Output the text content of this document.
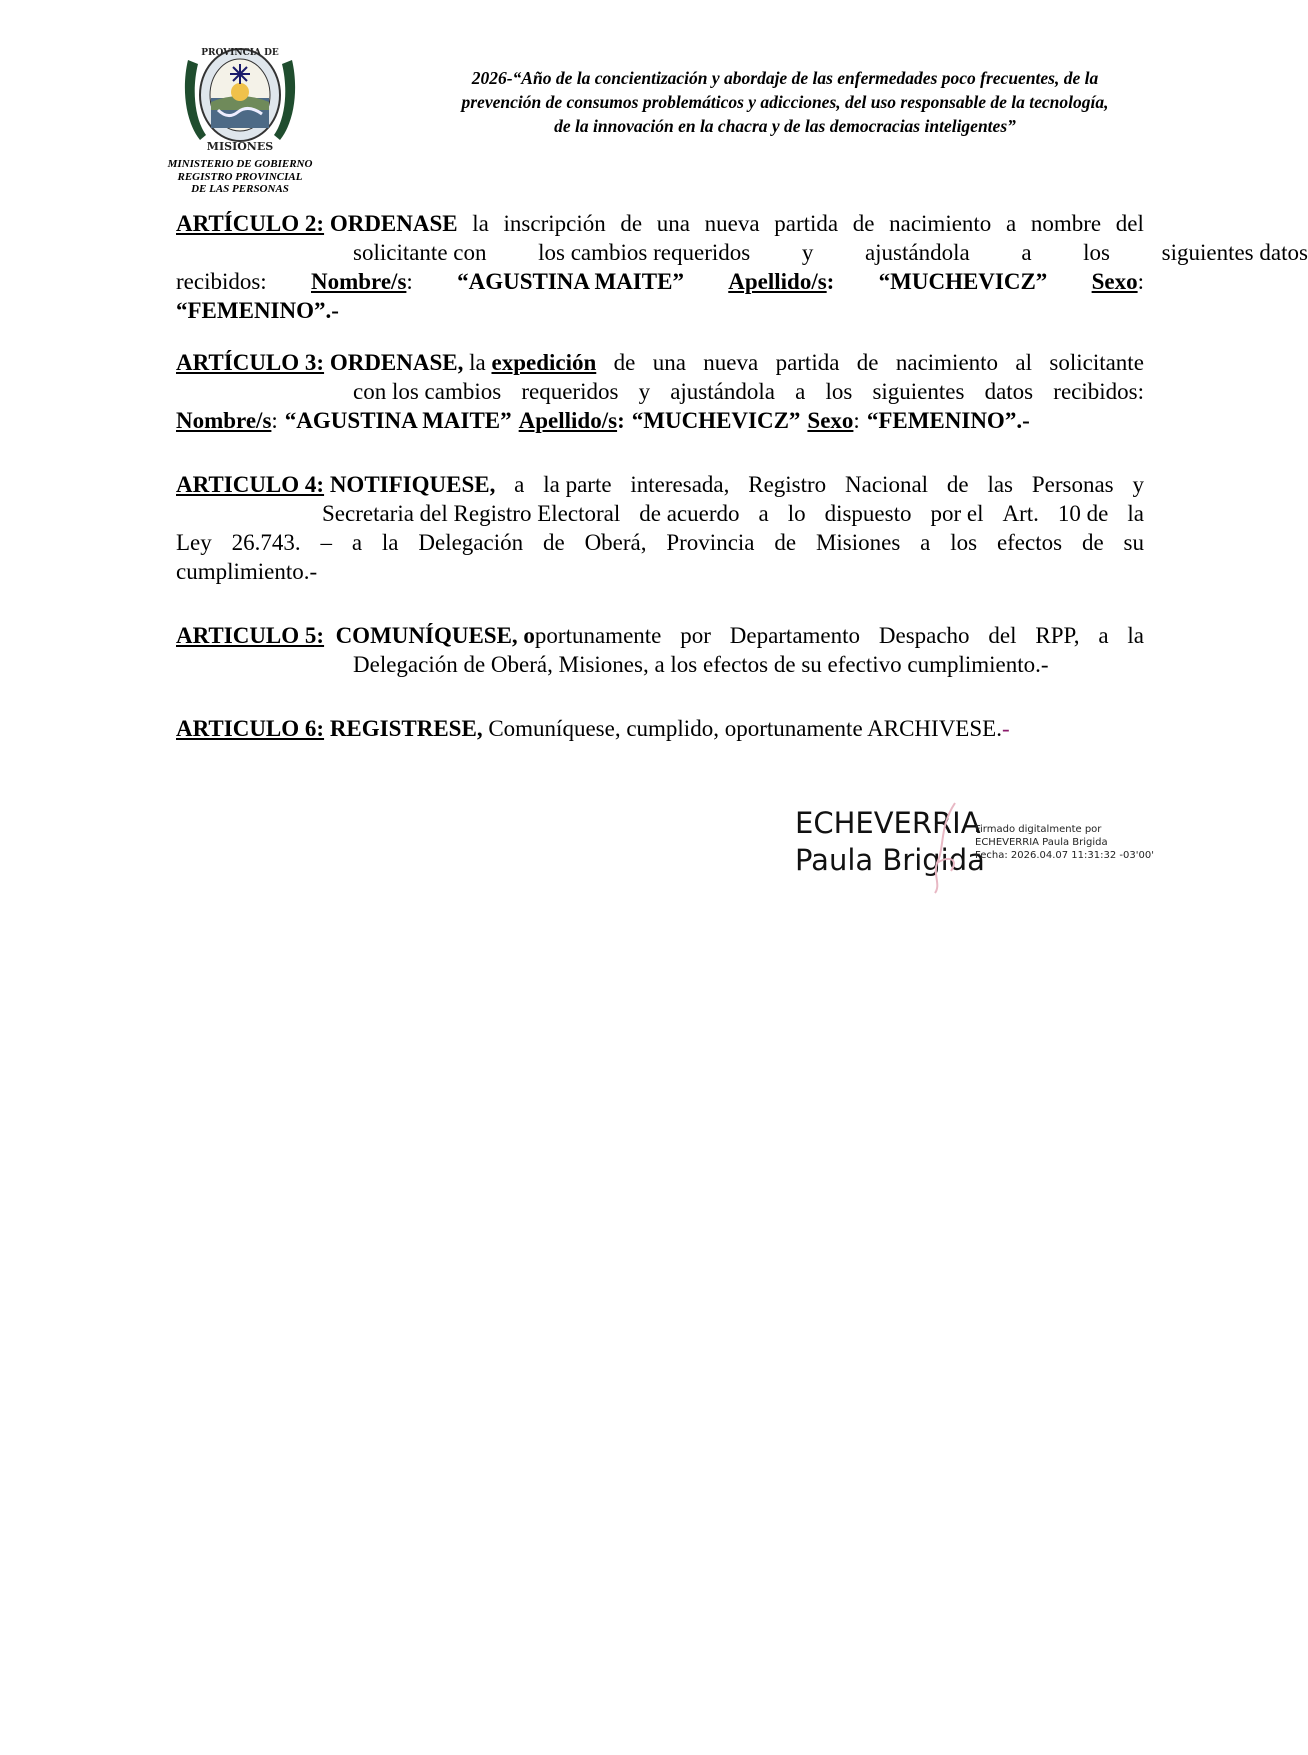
PROVINCIA DE
MISIONES
MINISTERIO DE GOBIERNO
REGISTRO PROVINCIAL
DE LAS PERSONAS
2026-“Año de la concientización y abordaje de las enfermedades poco frecuentes, de la
prevención de consumos problemáticos y adicciones, del uso responsable de la tecnología,
de la innovación en la chacra y de las democracias inteligentes”
ARTÍCULO 2: ORDENASE la inscripción de una nueva partida de nacimiento a nombre del
solicitante con los cambios requeridos y ajustándola a los siguientes datos
recibidos: Nombre/s: “AGUSTINA MAITE” Apellido/s: “MUCHEVICZ” Sexo:
“FEMENINO”.-
ARTÍCULO 3: ORDENASE, la expedición de una nueva partida de nacimiento al solicitante
con los cambios requeridos y ajustándola a los siguientes datos recibidos:
Nombre/s: “AGUSTINA MAITE” Apellido/s: “MUCHEVICZ” Sexo: “FEMENINO”.-
ARTICULO 4: NOTIFIQUESE, a la parte interesada, Registro Nacional de las Personas y
Secretaria del Registro Electoral de acuerdo a lo dispuesto por el Art. 10 de la
Ley 26.743. – a la Delegación de Oberá, Provincia de Misiones a los efectos de su
cumplimiento.-
ARTICULO 5: COMUNÍQUESE, oportunamente por Departamento Despacho del RPP, a la
Delegación de Oberá, Misiones, a los efectos de su efectivo cumplimiento.-
ARTICULO 6: REGISTRESE, Comuníquese, cumplido, oportunamente ARCHIVESE.-
ECHEVERRIA
Paula Brigida
Firmado digitalmente por
ECHEVERRIA Paula Brigida
Fecha: 2026.04.07 11:31:32 -03'00'
